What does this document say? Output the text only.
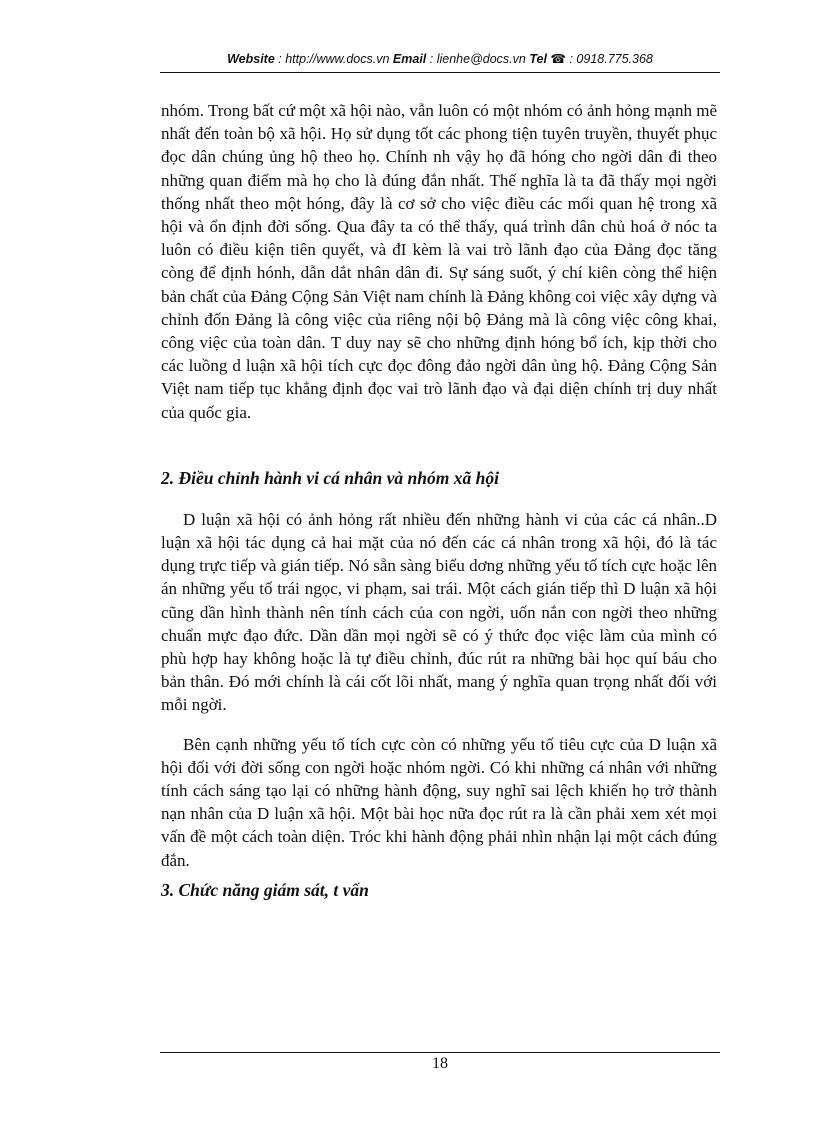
Website : http://www.docs.vn Email : lienhe@docs.vn Tel ☎ : 0918.775.368

nhóm. Trong bất cứ một xã hội nào, vẫn luôn có một nhóm có ảnh hỏng mạnh mẽ nhất đến toàn bộ xã hội. Họ sử dụng tốt các phong tiện tuyên truyền, thuyết phục đọc dân chúng ủng hộ theo họ. Chính nh vậy họ đã hóng cho ngời dân đi theo những quan điểm mà họ cho là đúng đắn nhất. Thế nghĩa là ta đã thấy mọi ngời thống nhất theo một hóng, đây là cơ sở cho việc điều các mối quan hệ trong xã hội và ổn định đời sống. Qua đây ta có thể thấy, quá trình dân chủ hoá ở nóc ta luôn có điều kiện tiên quyết, và đI kèm là vai trò lãnh đạo của Đảng đọc tăng còng để định hónh, dẫn dắt nhân dân đi. Sự sáng suốt, ý chí kiên còng thể hiện bản chất của Đảng Cộng Sản Việt nam chính là Đảng không coi việc xây dựng và chỉnh đốn Đảng là công việc của riêng nội bộ Đảng mà là công việc công khai, công việc của toàn dân. T duy nay sẽ cho những định hóng bổ ích, kịp thời cho các luồng d luận xã hội tích cực đọc đông đảo ngời dân ủng hộ. Đảng Cộng Sản Việt nam tiếp tục khẳng định đọc vai trò lãnh đạo và đại diện chính trị duy nhất của quốc gia.

2. Điều chỉnh hành vi cá nhân và nhóm xã hội

D luận xã hội có ảnh hỏng rất nhiều đến những hành vi của các cá nhân..D luận xã hội tác dụng cả hai mặt của nó đến các cá nhân trong xã hội, đó là tác dụng trực tiếp và gián tiếp. Nó sẵn sàng biểu dơng những yếu tố tích cực hoặc lên án những yếu tố trái ngọc, vi phạm, sai trái. Một cách gián tiếp thì D luận xã hội cũng dần hình thành nên tính cách của con ngời, uốn nắn con ngời theo những chuẩn mực đạo đức. Dần dần mọi ngời sẽ có ý thức đọc việc làm của mình có phù hợp hay không hoặc là tự điều chỉnh, đúc rút ra những bài học quí báu cho bản thân. Đó mới chính là cái cốt lõi nhất, mang ý nghĩa quan trọng nhất đối với mỗi ngời.

Bên cạnh những yếu tố tích cực còn có những yếu tố tiêu cực của D luận xã hội đối với đời sống con ngời hoặc nhóm ngời. Có khi những cá nhân với những tính cách sáng tạo lại có những hành động, suy nghĩ sai lệch khiến họ trở thành nạn nhân của D luận xã hội. Một bài học nữa đọc rút ra là cần phải xem xét mọi vấn đề một cách toàn diện. Tróc khi hành động phải nhìn nhận lại một cách đúng đắn.

3. Chức năng giám sát, t vấn
18
